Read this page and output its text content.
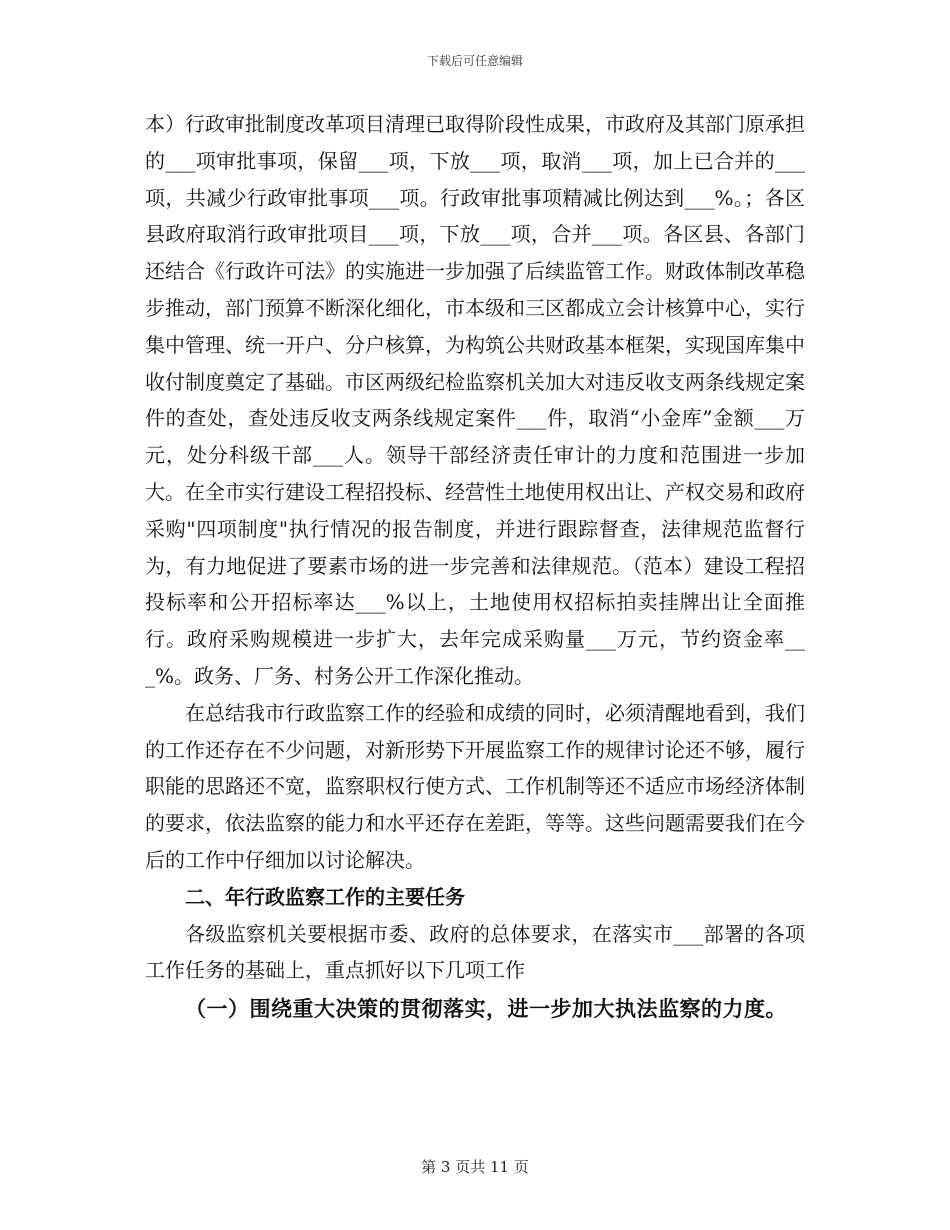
下载后可任意编辑

本）行政审批制度改革项目清理已取得阶段性成果，市政府及其部门原承担的___项审批事项，保留___项，下放___项，取消___项，加上已合并的___项，共减少行政审批事项___项。行政审批事项精减比例达到___%。；各区县政府取消行政审批项目___项，下放___项，合并___项。各区县、各部门还结合《行政许可法》的实施进一步加强了后续监管工作。财政体制改革稳步推动，部门预算不断深化细化，市本级和三区都成立会计核算中心，实行集中管理、统一开户、分户核算，为构筑公共财政基本框架，实现国库集中收付制度奠定了基础。市区两级纪检监察机关加大对违反收支两条线规定案件的查处，查处违反收支两条线规定案件___件，取消“小金库”金额___万元，处分科级干部___人。领导干部经济责任审计的力度和范围进一步加大。在全市实行建设工程招投标、经营性土地使用权出让、产权交易和政府采购"四项制度"执行情况的报告制度，并进行跟踪督查，法律规范监督行为，有力地促进了要素市场的进一步完善和法律规范。（范本）建设工程招投标率和公开招标率达___%以上，土地使用权招标拍卖挂牌出让全面推行。政府采购规模进一步扩大，去年完成采购量___万元，节约资金率___%。政务、厂务、村务公开工作深化推动。

在总结我市行政监察工作的经验和成绩的同时，必须清醒地看到，我们的工作还存在不少问题，对新形势下开展监察工作的规律讨论还不够，履行职能的思路还不宽，监察职权行使方式、工作机制等还不适应市场经济体制的要求，依法监察的能力和水平还存在差距，等等。这些问题需要我们在今后的工作中仔细加以讨论解决。

二、年行政监察工作的主要任务

各级监察机关要根据市委、政府的总体要求，在落实市___部署的各项工作任务的基础上，重点抓好以下几项工作

（一）围绕重大决策的贯彻落实，进一步加大执法监察的力度。

第 3 页共 11 页
